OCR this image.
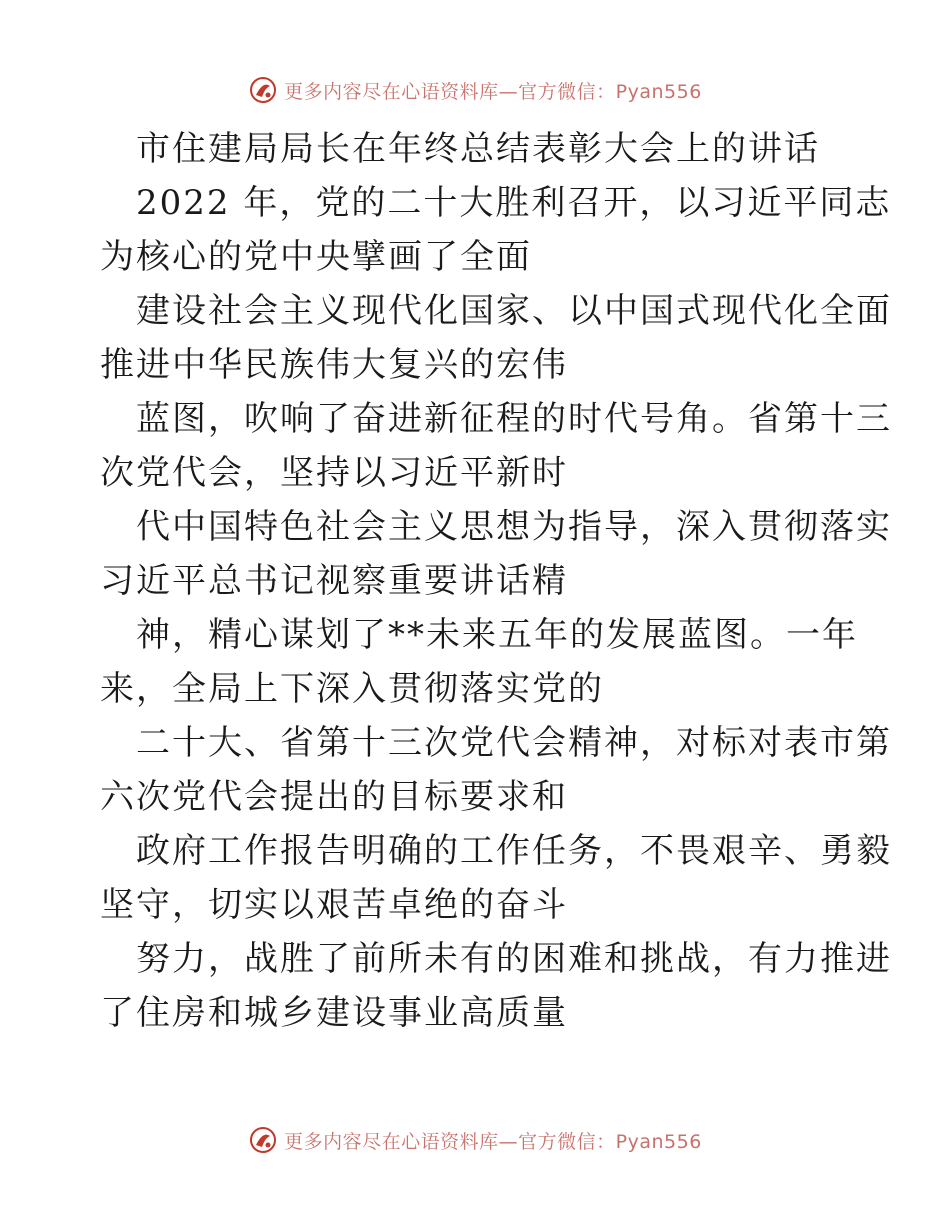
更多内容尽在心语资料库—官方微信：Pyan556
市住建局局长在年终总结表彰大会上的讲话
2022 年，党的二十大胜利召开，以习近平同志
为核心的党中央擘画了全面
建设社会主义现代化国家、以中国式现代化全面
推进中华民族伟大复兴的宏伟
蓝图，吹响了奋进新征程的时代号角。省第十三
次党代会，坚持以习近平新时
代中国特色社会主义思想为指导，深入贯彻落实
习近平总书记视察重要讲话精
神，精心谋划了**未来五年的发展蓝图。一年
来，全局上下深入贯彻落实党的
二十大、省第十三次党代会精神，对标对表市第
六次党代会提出的目标要求和
政府工作报告明确的工作任务，不畏艰辛、勇毅
坚守，切实以艰苦卓绝的奋斗
努力，战胜了前所未有的困难和挑战，有力推进
了住房和城乡建设事业高质量
更多内容尽在心语资料库—官方微信：Pyan556
